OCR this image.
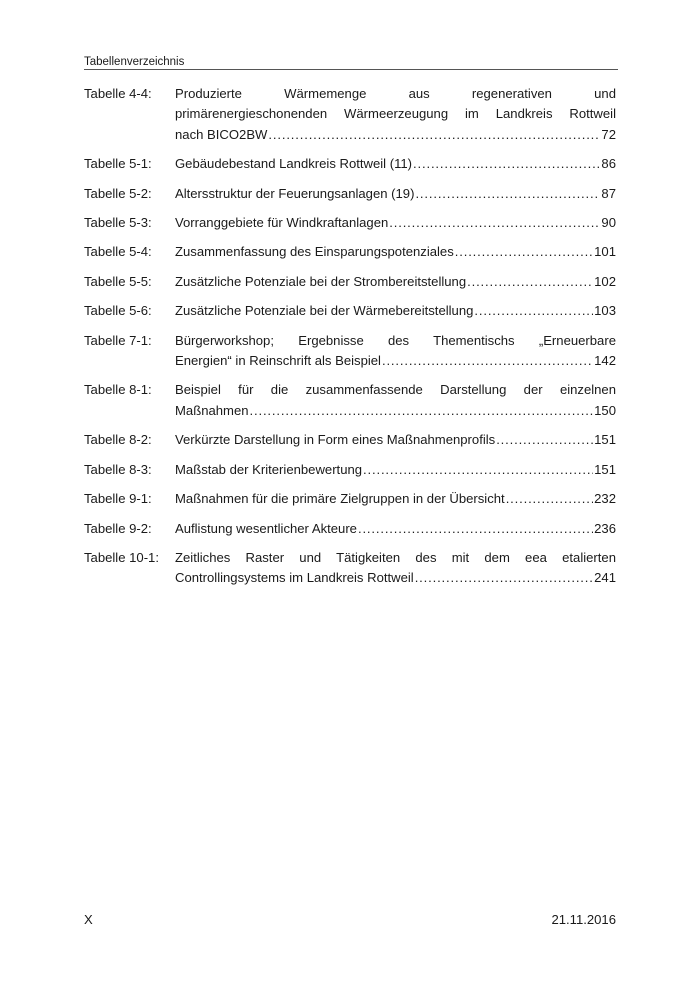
Tabellenverzeichnis
Tabelle 4-4:	Produzierte Wärmemenge aus regenerativen und
primärenergieschonenden Wärmeerzeugung im Landkreis Rottweil
nach BICO2BW . . .	72
Tabelle 5-1:	Gebäudebestand Landkreis Rottweil (11) . . .	86
Tabelle 5-2:	Altersstruktur der Feuerungsanlagen (19) . . .	87
Tabelle 5-3:	Vorranggebiete für Windkraftanlagen . . .	90
Tabelle 5-4:	Zusammenfassung des Einsparungspotenziales . . .	101
Tabelle 5-5:	Zusätzliche Potenziale bei der Strombereitstellung . . .	102
Tabelle 5-6:	Zusätzliche Potenziale bei der Wärmebereitstellung . . .	103
Tabelle 7-1:	Bürgerworkshop; Ergebnisse des Thementischs „Erneuerbare
Energien“ in Reinschrift als Beispiel . . .	142
Tabelle 8-1:	Beispiel für die zusammenfassende Darstellung der einzelnen
Maßnahmen . . .	150
Tabelle 8-2:	Verkürzte Darstellung in Form eines Maßnahmenprofils . . .	151
Tabelle 8-3:	Maßstab der Kriterienbewertung . . .	151
Tabelle 9-1:	Maßnahmen für die primäre Zielgruppen in der Übersicht . . .	232
Tabelle 9-2:	Auflistung wesentlicher Akteure . . .	236
Tabelle 10-1:	Zeitliches Raster und Tätigkeiten des mit dem eea etalierten
Controllingsystems im Landkreis Rottweil . . .	241
X	21.11.2016
